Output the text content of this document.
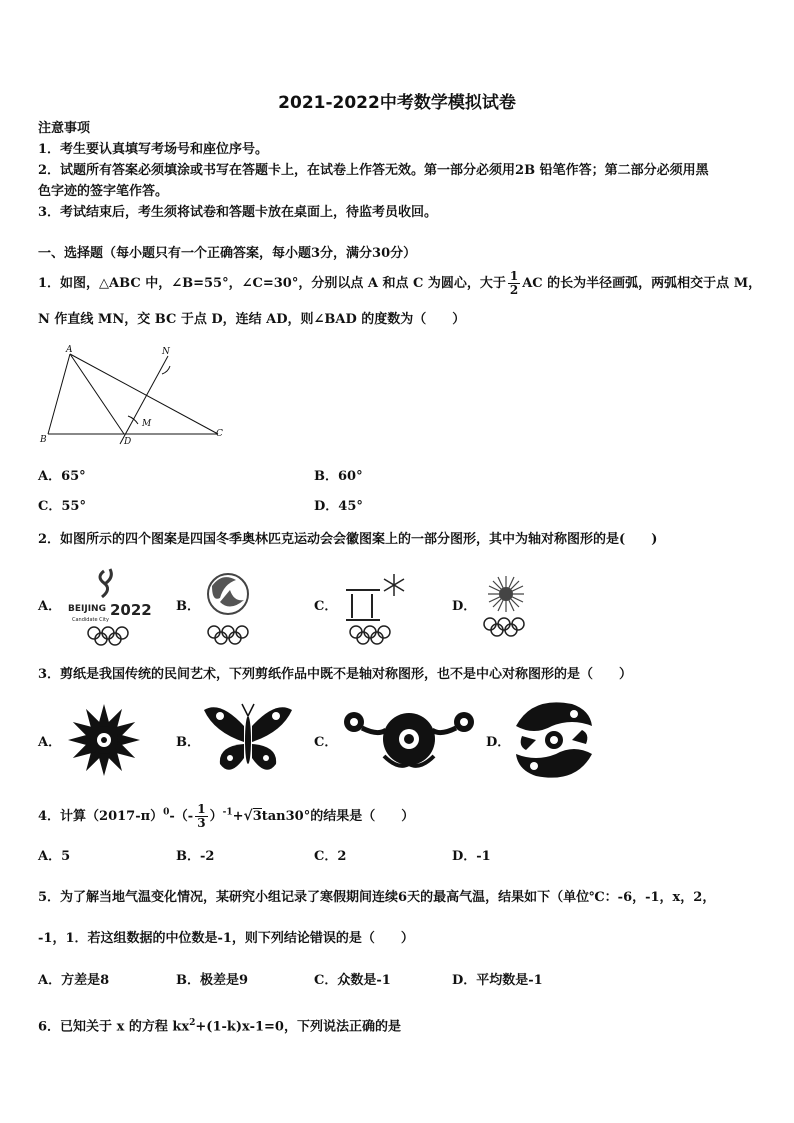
2021-2022中考数学模拟试卷
注意事项
1．考生要认真填写考场号和座位序号。
2．试题所有答案必须填涂或书写在答题卡上，在试卷上作答无效。第一部分必须用2B 铅笔作答；第二部分必须用黑
色字迹的签字笔作答。
3．考试结束后，考生须将试卷和答题卡放在桌面上，待监考员收回。
一、选择题（每小题只有一个正确答案，每小题3分，满分30分）
1．如图，△ABC 中，∠B=55°，∠C=30°，分别以点 A 和点 C 为圆心，大于 $\frac{1}{2}$ AC 的长为半径画弧，两弧相交于点 M，
N 作直线 MN，交 BC 于点 D，连结 AD，则∠BAD 的度数为（　　）
A
B
C
D
M
N
A．65°	B．60°
C．55°	D．45°
2．如图所示的四个图案是四国冬季奥林匹克运动会会徽图案上的一部分图形，其中为轴对称图形的是(　　)
A． BEIJING 2022
Candidate City
B．	C．	D．
3．剪纸是我国传统的民间艺术，下列剪纸作品中既不是轴对称图形，也不是中心对称图形的是（　　）
A．	B．	C．	D．
4．计算$(2017-\pi)^0-(- \frac{1}{3} )^{-1}+√3\tan 30^\circ$的结果是（　　）
A．5	B．-2	C．2	D．-1
5．为了解当地气温变化情况，某研究小组记录了寒假期间连续6天的最高气温，结果如下（单位℃：-6，-1，x，2，
-1，1．若这组数据的中位数是-1，则下列结论错误的是（　　）
A．方差是8	B．极差是9	C．众数是-1	D．平均数是-1
6．已知关于 x 的方程 $kx^2+(1-k)x-1=0$，下列说法正确的是
